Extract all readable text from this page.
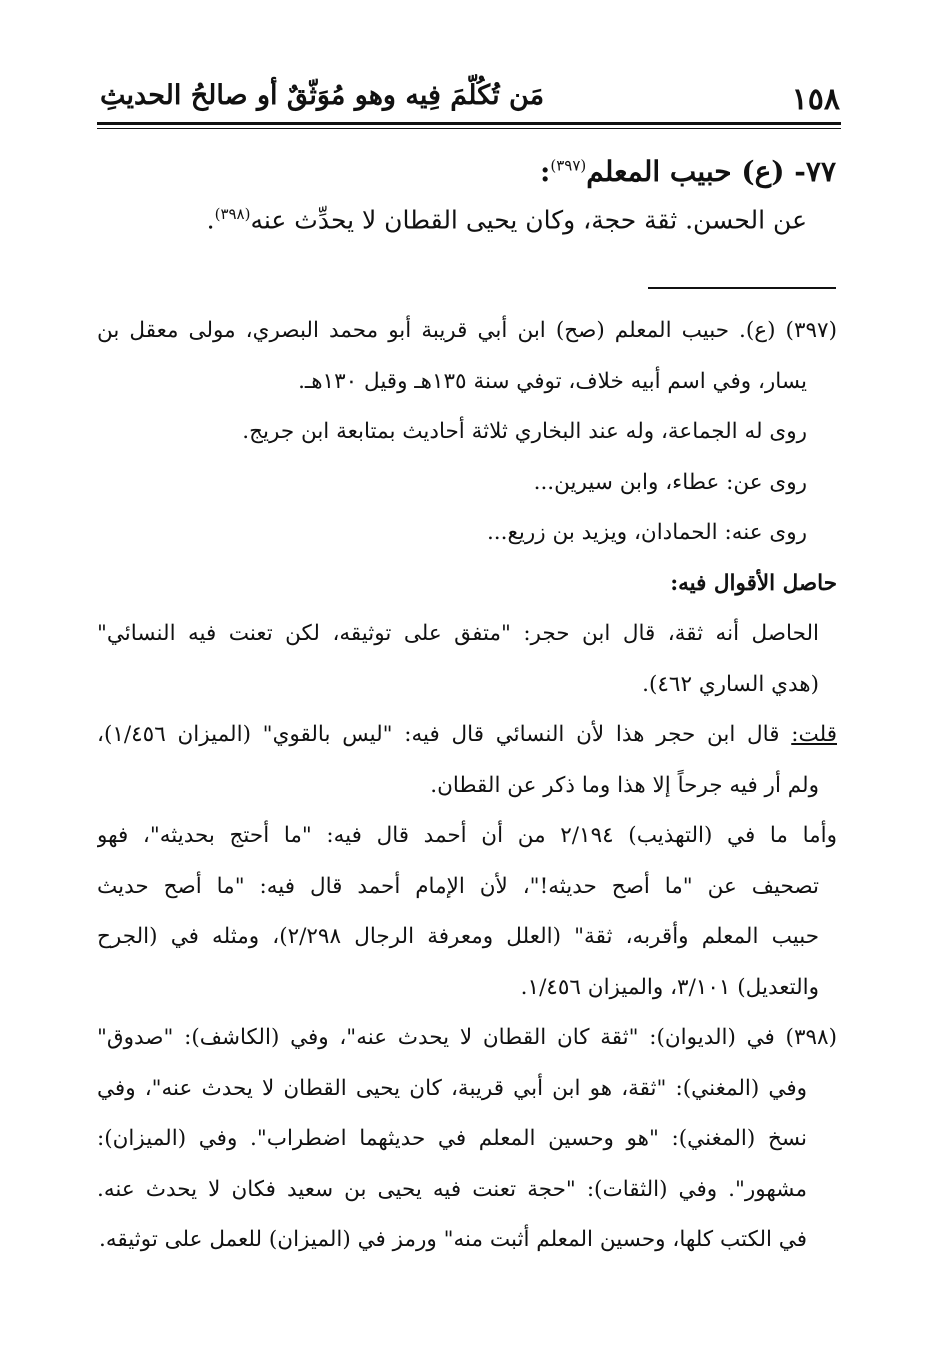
١٥٨
مَن تُكُلّمَ فِيه وهو مُوَثّقٌ أو صالحُ الحديثِ
٧٧- (ع) حبيب المعلم$^{(٣٩٧)}$:
عن الحسن. ثقة حجة، وكان يحيى القطان لا يحدِّث عنه$^{(٣٩٨)}$.
(٣٩٧) (ع). حبيب المعلم (صح) ابن أبي قريبة أبو محمد البصري، مولى معقل بن
يسار، وفي اسم أبيه خلاف، توفي سنة ١٣٥هـ وقيل ١٣٠هـ.
روى له الجماعة، وله عند البخاري ثلاثة أحاديث بمتابعة ابن جريج.
روى عن: عطاء، وابن سيرين...
روى عنه: الحمادان، ويزيد بن زريع...
حاصل الأقوال فيه:
الحاصل أنه ثقة، قال ابن حجر: "متفق على توثيقه، لكن تعنت فيه النسائي"
(هدي الساري ٤٦٢).
قلت: قال ابن حجر هذا لأن النسائي قال فيه: "ليس بالقوي" (الميزان ١/٤٥٦)،
ولم أر فيه جرحاً إلا هذا وما ذكر عن القطان.
وأما ما في (التهذيب) ٢/١٩٤ من أن أحمد قال فيه: "ما أحتج بحديثه"، فهو
تصحيف عن "ما أصح حديثه!"، لأن الإمام أحمد قال فيه: "ما أصح حديث
حبيب المعلم وأقربه، ثقة" (العلل ومعرفة الرجال ٢/٢٩٨)، ومثله في (الجرح
والتعديل) ٣/١٠١، والميزان ١/٤٥٦.
(٣٩٨) في (الديوان): "ثقة كان القطان لا يحدث عنه"، وفي (الكاشف): "صدوق"
وفي (المغني): "ثقة، هو ابن أبي قريبة، كان يحيى القطان لا يحدث عنه"، وفي
نسخ (المغني): "هو وحسين المعلم في حديثهما اضطراب". وفي (الميزان):
مشهور". وفي (الثقات): "حجة تعنت فيه يحيى بن سعيد فكان لا يحدث عنه.
في الكتب كلها، وحسين المعلم أثبت منه" ورمز في (الميزان) للعمل على توثيقه.
